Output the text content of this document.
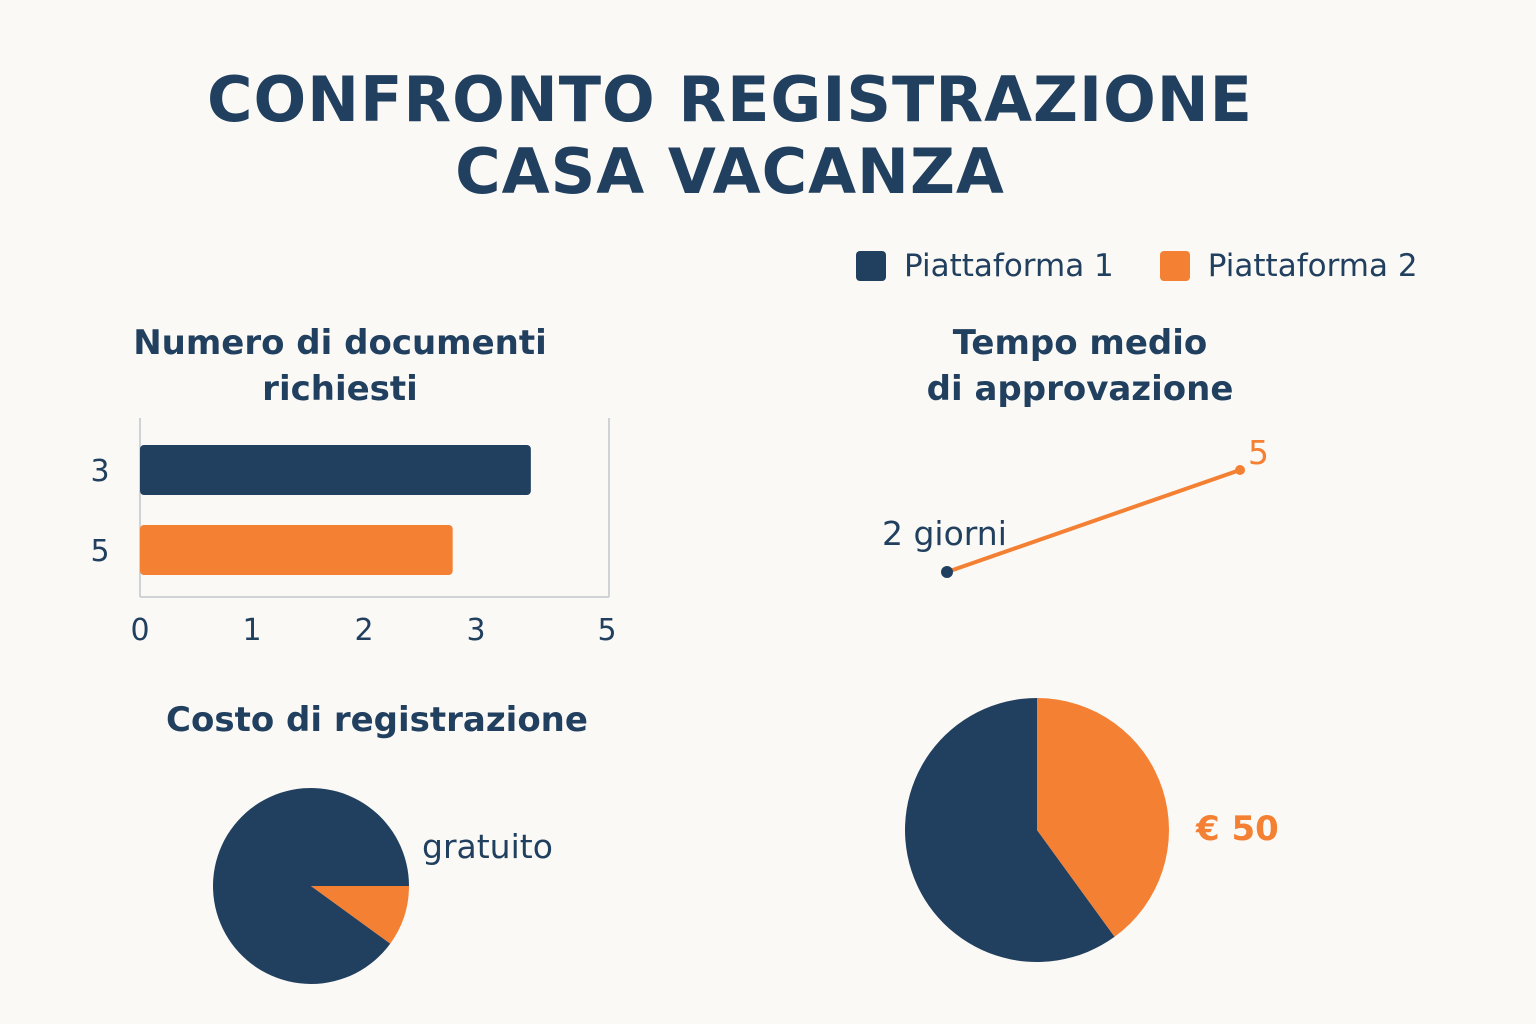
CONFRONTO REGISTRAZIONE
CASA VACANZA
Piattaforma 1	Piattaforma 2
Numero di documenti
richiesti
Tempo medio
di approvazione
Costo di registrazione
3
5
0	1	2	3	5
2 giorni
5
gratuito	€ 50
